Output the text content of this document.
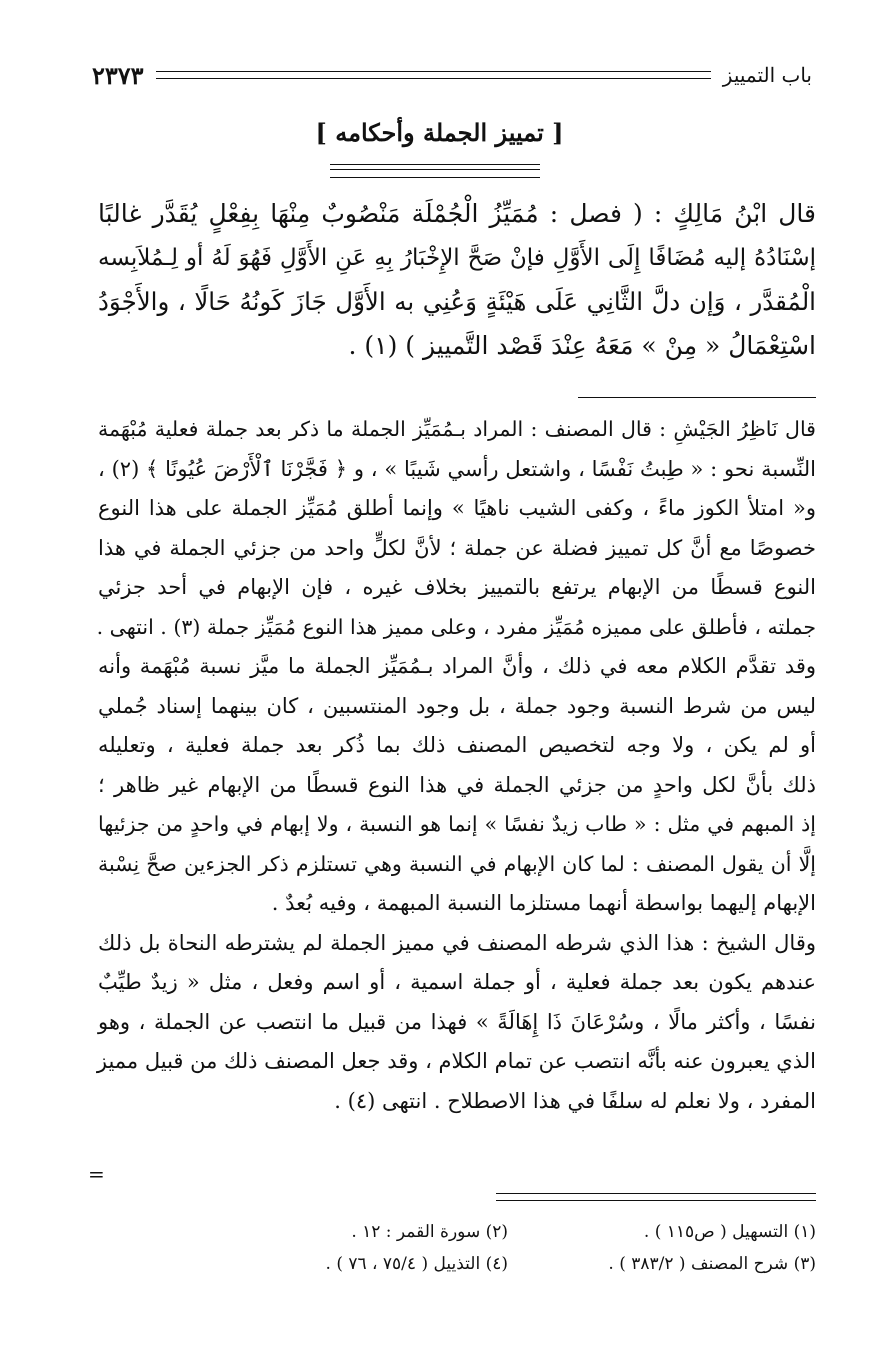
باب التمييز
٢٣٧٣
[ تمييز الجملة وأحكامه ]
قال ابْنُ مَالِكٍ : ( فصل : مُمَيِّزُ الْجُمْلَة مَنْصُوبٌ مِنْهَا بِفِعْلٍ يُقَدَّر غالبًا
إسْنَادُهُ إليه مُضَافًا إِلَى الأَوَّلِ فإنْ صَحَّ الإِخْبَارُ بِهِ عَنِ الأَوَّلِ فَهُوَ لَهُ أو لِـمُلاَبِسه
الْمُقدَّر ، وَإن دلَّ الثَّانِي عَلَى هَيْئَةٍ وَعُنِي به الأَوَّل جَازَ كَونُهُ حَالًا ، والأَجْوَدُ
اسْتِعْمَالُ « مِنْ » مَعَهُ عِنْدَ قَصْد التَّمييز ) (١) .
قال نَاظِرُ الجَيْشِ : قال المصنف : المراد بـمُمَيِّز الجملة ما ذكر بعد جملة فعلية مُبْهَمة
النِّسبة نحو : « طِبتُ نَفْسًا ، واشتعل رأسي شَيبًا » ، و ﴿ فَجَّرْنَا ٱلْأَرْضَ عُيُونًا ﴾ (٢) ،
و« امتلأ الكوز ماءً ، وكفى الشيب ناهيًا » وإنما أطلق مُمَيِّز الجملة على هذا النوع
خصوصًا مع أنَّ كل تمييز فضلة عن جملة ؛ لأنَّ لكلٍّ واحد من جزئي الجملة في هذا
النوع قسطًا من الإبهام يرتفع بالتمييز بخلاف غيره ، فإن الإبهام في أحد جزئي
جملته ، فأطلق على مميزه مُمَيِّز مفرد ، وعلى مميز هذا النوع مُمَيِّز جملة (٣) . انتهى .
وقد تقدَّم الكلام معه في ذلك ، وأنَّ المراد بـمُمَيِّز الجملة ما ميَّز نسبة مُبْهَمة وأنه
ليس من شرط النسبة وجود جملة ، بل وجود المنتسبين ، كان بينهما إسناد جُملي
أو لم يكن ، ولا وجه لتخصيص المصنف ذلك بما ذُكر بعد جملة فعلية ، وتعليله
ذلك بأنَّ لكل واحدٍ من جزئي الجملة في هذا النوع قسطًا من الإبهام غير ظاهر ؛
إذ المبهم في مثل : « طاب زيدٌ نفسًا » إنما هو النسبة ، ولا إبهام في واحدٍ من جزئيها
إلَّا أن يقول المصنف : لما كان الإبهام في النسبة وهي تستلزم ذكر الجزءين صحَّ نِسْبة
الإبهام إليهما بواسطة أنهما مستلزما النسبة المبهمة ، وفيه بُعدٌ .
وقال الشيخ : هذا الذي شرطه المصنف في مميز الجملة لم يشترطه النحاة بل ذلك
عندهم يكون بعد جملة فعلية ، أو جملة اسمية ، أو اسم وفعل ، مثل « زيدٌ طيِّبٌ
نفسًا ، وأكثر مالًا ، وسُرْعَانَ ذَا إِهَالَةً » فهذا من قبيل ما انتصب عن الجملة ، وهو
الذي يعبرون عنه بأنَّه انتصب عن تمام الكلام ، وقد جعل المصنف ذلك من قبيل مميز
المفرد ، ولا نعلم له سلفًا في هذا الاصطلاح . انتهى (٤) .
=
(١) التسهيل ( ص١١٥ ) .
(٢) سورة القمر : ١٢ .
(٣) شرح المصنف ( ٣٨٣/٢ ) .
(٤) التذييل ( ٧٥/٤ ، ٧٦ ) .
